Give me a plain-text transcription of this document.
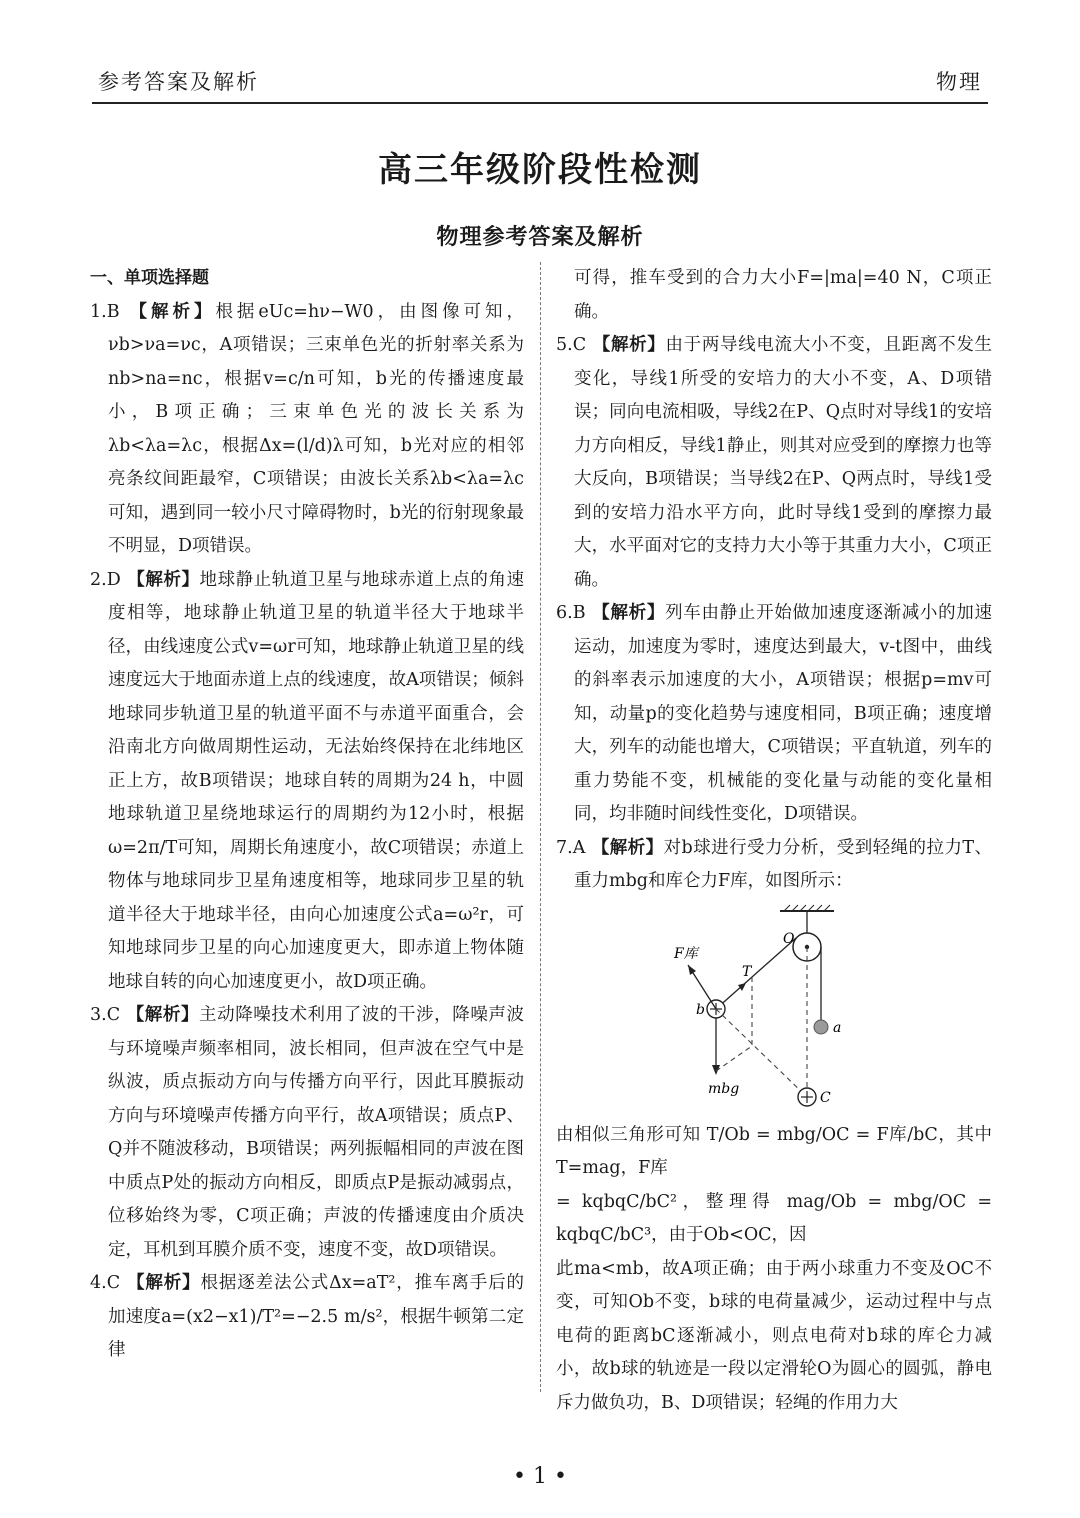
参考答案及解析	物理
高三年级阶段性检测
物理参考答案及解析

一、单项选择题

1.B 【解析】根据eUc=hν−W0，由图像可知，νb>νa=νc，A项错误；三束单色光的折射率关系为nb>na=nc，根据v=c/n可知，b光的传播速度最小，B项正确；三束单色光的波长关系为λb<λa=λc，根据Δx=(l/d)λ可知，b光对应的相邻亮条纹间距最窄，C项错误；由波长关系λb<λa=λc可知，遇到同一较小尺寸障碍物时，b光的衍射现象最不明显，D项错误。

2.D 【解析】地球静止轨道卫星与地球赤道上点的角速度相等，地球静止轨道卫星的轨道半径大于地球半径，由线速度公式v=ωr可知，地球静止轨道卫星的线速度远大于地面赤道上点的线速度，故A项错误；倾斜地球同步轨道卫星的轨道平面不与赤道平面重合，会沿南北方向做周期性运动，无法始终保持在北纬地区正上方，故B项错误；地球自转的周期为24 h，中圆地球轨道卫星绕地球运行的周期约为12小时，根据ω=2π/T可知，周期长角速度小，故C项错误；赤道上物体与地球同步卫星角速度相等，地球同步卫星的轨道半径大于地球半径，由向心加速度公式a=ω²r，可知地球同步卫星的向心加速度更大，即赤道上物体随地球自转的向心加速度更小，故D项正确。

3.C 【解析】主动降噪技术利用了波的干涉，降噪声波与环境噪声频率相同，波长相同，但声波在空气中是纵波，质点振动方向与传播方向平行，因此耳膜振动方向与环境噪声传播方向平行，故A项错误；质点P、Q并不随波移动，B项错误；两列振幅相同的声波在图中质点P处的振动方向相反，即质点P是振动减弱点，位移始终为零，C项正确；声波的传播速度由介质决定，耳机到耳膜介质不变，速度不变，故D项错误。

4.C 【解析】根据逐差法公式Δx=aT²，推车离手后的加速度a=(x2−x1)/T²=−2.5 m/s²，根据牛顿第二定律

可得，推车受到的合力大小F=|ma|=40 N，C项正确。

5.C 【解析】由于两导线电流大小不变，且距离不发生变化，导线1所受的安培力的大小不变，A、D项错误；同向电流相吸，导线2在P、Q点时对导线1的安培力方向相反，导线1静止，则其对应受到的摩擦力也等大反向，B项错误；当导线2在P、Q两点时，导线1受到的安培力沿水平方向，此时导线1受到的摩擦力最大，水平面对它的支持力大小等于其重力大小，C项正确。

6.B 【解析】列车由静止开始做加速度逐渐减小的加速运动，加速度为零时，速度达到最大，v-t图中，曲线的斜率表示加速度的大小，A项错误；根据p=mv可知，动量p的变化趋势与速度相同，B项正确；速度增大，列车的动能也增大，C项错误；平直轨道，列车的重力势能不变，机械能的变化量与动能的变化量相同，均非随时间线性变化，D项错误。

7.A 【解析】对b球进行受力分析，受到轻绳的拉力T、重力mbg和库仑力F库，如图所示：

O
a
b
F库
T
mbg
C

由相似三角形可知 T/Ob = mbg/OC = F库/bC，其中 T=mag，F库

= kqbqC/bC²，整理得 mag/Ob = mbg/OC = kqbqC/bC³，由于Ob<OC，因

此ma<mb，故A项正确；由于两小球重力不变及OC不变，可知Ob不变，b球的电荷量减少，运动过程中与点电荷的距离bC逐渐减小，则点电荷对b球的库仑力减小，故b球的轨迹是一段以定滑轮O为圆心的圆弧，静电斥力做负功，B、D项错误；轻绳的作用力大

• 1 •
